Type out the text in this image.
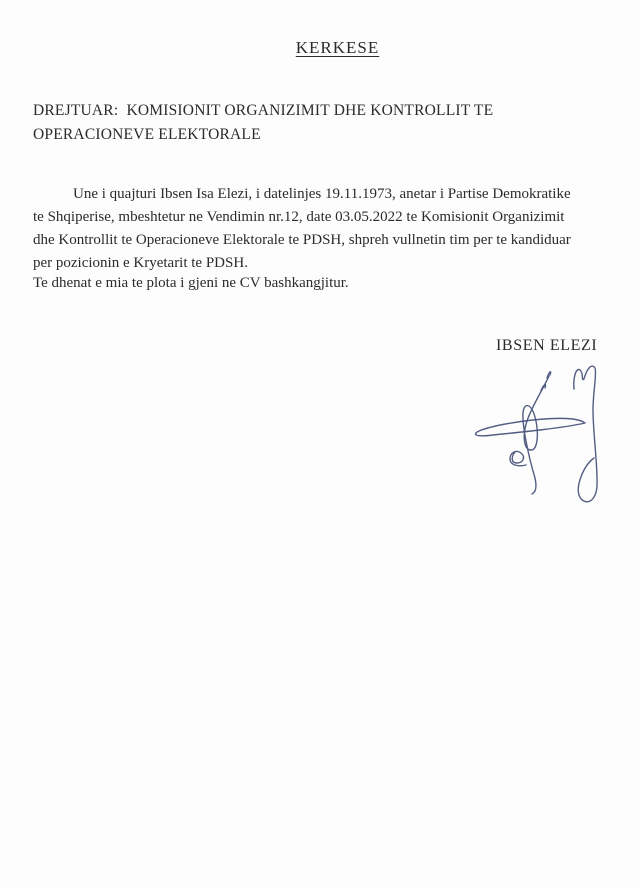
KERKESE
DREJTUAR:  KOMISIONIT ORGANIZIMIT DHE KONTROLLIT TE
OPERACIONEVE ELEKTORALE
Une i quajturi Ibsen Isa Elezi, i datelinjes 19.11.1973, anetar i Partise Demokratike
te Shqiperise, mbeshtetur ne Vendimin nr.12, date 03.05.2022 te Komisionit Organizimit
dhe Kontrollit te Operacioneve Elektorale te PDSH, shpreh vullnetin tim per te kandiduar
per pozicionin e Kryetarit te PDSH.
Te dhenat e mia te plota i gjeni ne CV bashkangjitur.
IBSEN ELEZI
